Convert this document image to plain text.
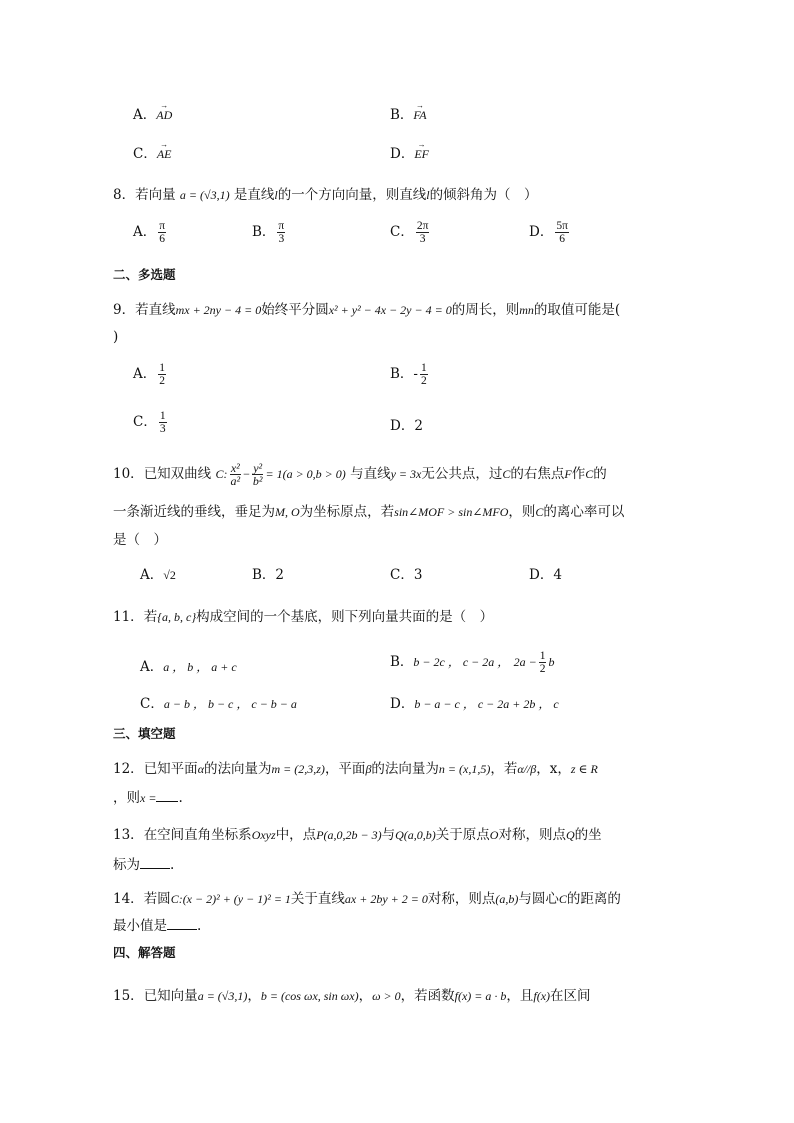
A．→ AD	B．→ FA
C．→ AE	D．→ EF
8．若向量 a = (√3,1) 是直线l的一个方向向量，则直线l的倾斜角为（　）
A． $\frac{\pi}{6}$	B． $\frac{\pi}{3}$	C． $\frac{2\pi}{3}$	D． $\frac{5\pi}{6}$
二、多选题
9．若直线mx + 2ny − 4 = 0始终平分圆x² + y² − 4x − 2y − 4 = 0的周长，则mn的取值可能是(
)
A． $\frac{1}{2}$	B．- $\frac{1}{2}$
C． $\frac{1}{3}$	D．2
10．已知双曲线 C: $\frac{\text{x²}}{\text{a²}} - \frac{\text{y²}}{\text{b²}} = 1(a > 0,b > 0)$ 与直线y = 3x无公共点，过C的右焦点F作C的
一条渐近线的垂线，垂足为M, O为坐标原点，若sin∠MOF > sin∠MFO，则C的离心率可以
是（　）
A．√2	B．2	C．3	D．4
11．若{a, b, c}构成空间的一个基底，则下列向量共面的是（　）
A．a ， b ， a + c	B．b − 2c ， c − 2a ， $2a - \frac{1}{2}$ b
C．a − b ， b − c ， c − b − a	D．b − a − c ， c − 2a + 2b ， c
三、填空题
12．已知平面α的法向量为m = (2,3,z)，平面β的法向量为n = (x,1,5)，若α//β，x，z ∈ R
，则x = .
13．在空间直角坐标系Oxyz中，点P(a,0,2b − 3)与Q(a,0,b)关于原点O对称，则点Q的坐
标为 .
14．若圆C:(x − 2)² + (y − 1)² = 1关于直线ax + 2by + 2 = 0对称，则点(a,b)与圆心C的距离的
最小值是 .
四、解答题
15．已知向量a = (√3,1)，b = (cos ωx, sin ωx)，ω > 0，若函数f(x) = a · b，且f(x)在区间
